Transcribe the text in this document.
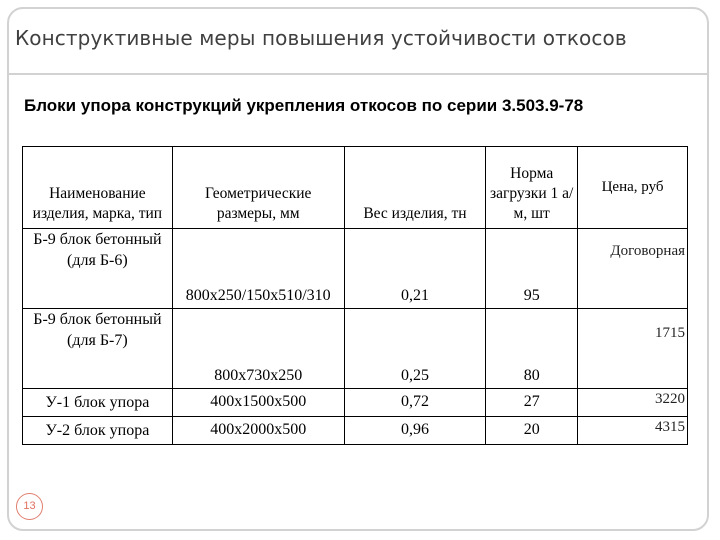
Конструктивные меры повышения устойчивости откосов
Блоки упора конструкций укрепления откосов по серии 3.503.9-78
Наименование изделия, марка, тип	Геометрические размеры, мм	Вес изделия, тн	Норма загрузки 1 а/м, шт	Цена, руб
Б-9 блок бетонный (для Б-6)	800x250/150x510/310	0,21	95	Договорная
Б-9 блок бетонный (для Б-7)	800x730x250	0,25	80	1715
У-1 блок упора	400x1500x500	0,72	27	3220
У-2 блок упора	400x2000x500	0,96	20	4315
13
